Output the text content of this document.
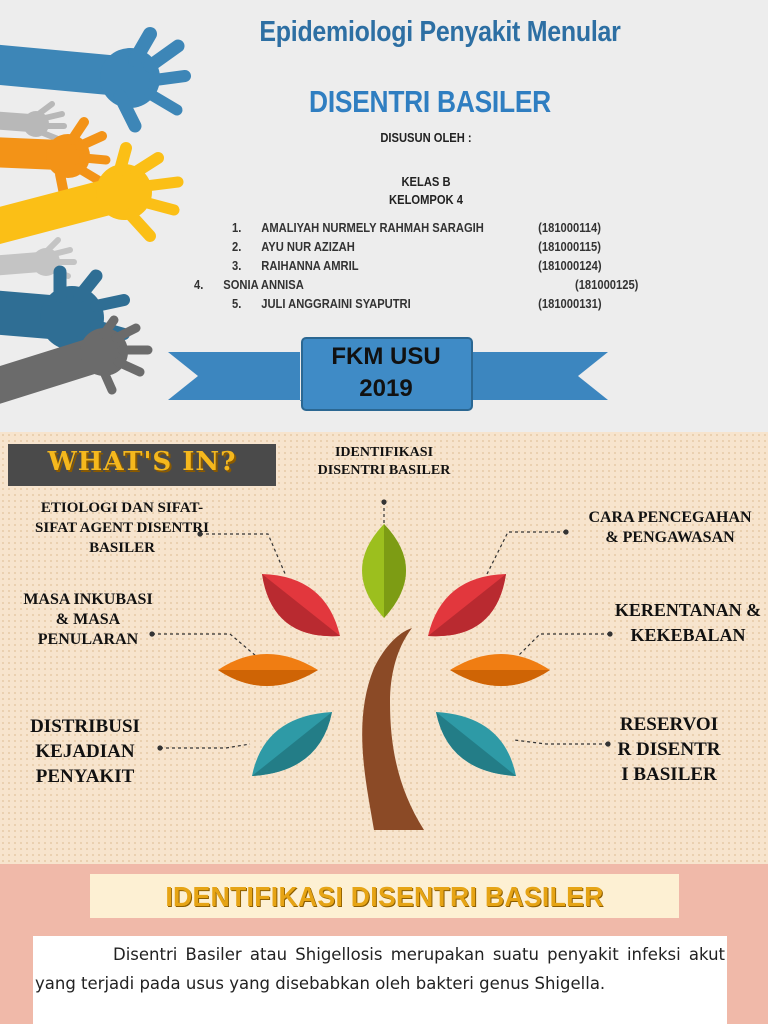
Epidemiologi Penyakit Menular
DISENTRI BASILER
DISUSUN OLEH :
KELAS B
KELOMPOK 4
1. AMALIYAH NURMELY RAHMAH SARAGIH	(181000114)
2. AYU NUR AZIZAH	(181000115)
3. RAIHANNA AMRIL	(181000124)
4. SONIA ANNISA	(181000125)
5. JULI ANGGRAINI SYAPUTRI	(181000131)
FKM USU
2019
WHAT'S IN?	IDENTIFIKASI DISENTRI BASILER
ETIOLOGI DAN SIFAT-SIFAT AGENT DISENTRI BASILER
MASA INKUBASI & MASA PENULARAN
DISTRIBUSI KEJADIAN PENYAKIT
CARA PENCEGAHAN & PENGAWASAN
KERENTANAN & KEKEBALAN
RESERVOIR DISENTRI BASILER
IDENTIFIKASI DISENTRI BASILER

Disentri Basiler atau Shigellosis merupakan suatu penyakit infeksi akut yang terjadi pada usus yang disebabkan oleh bakteri genus Shigella.
